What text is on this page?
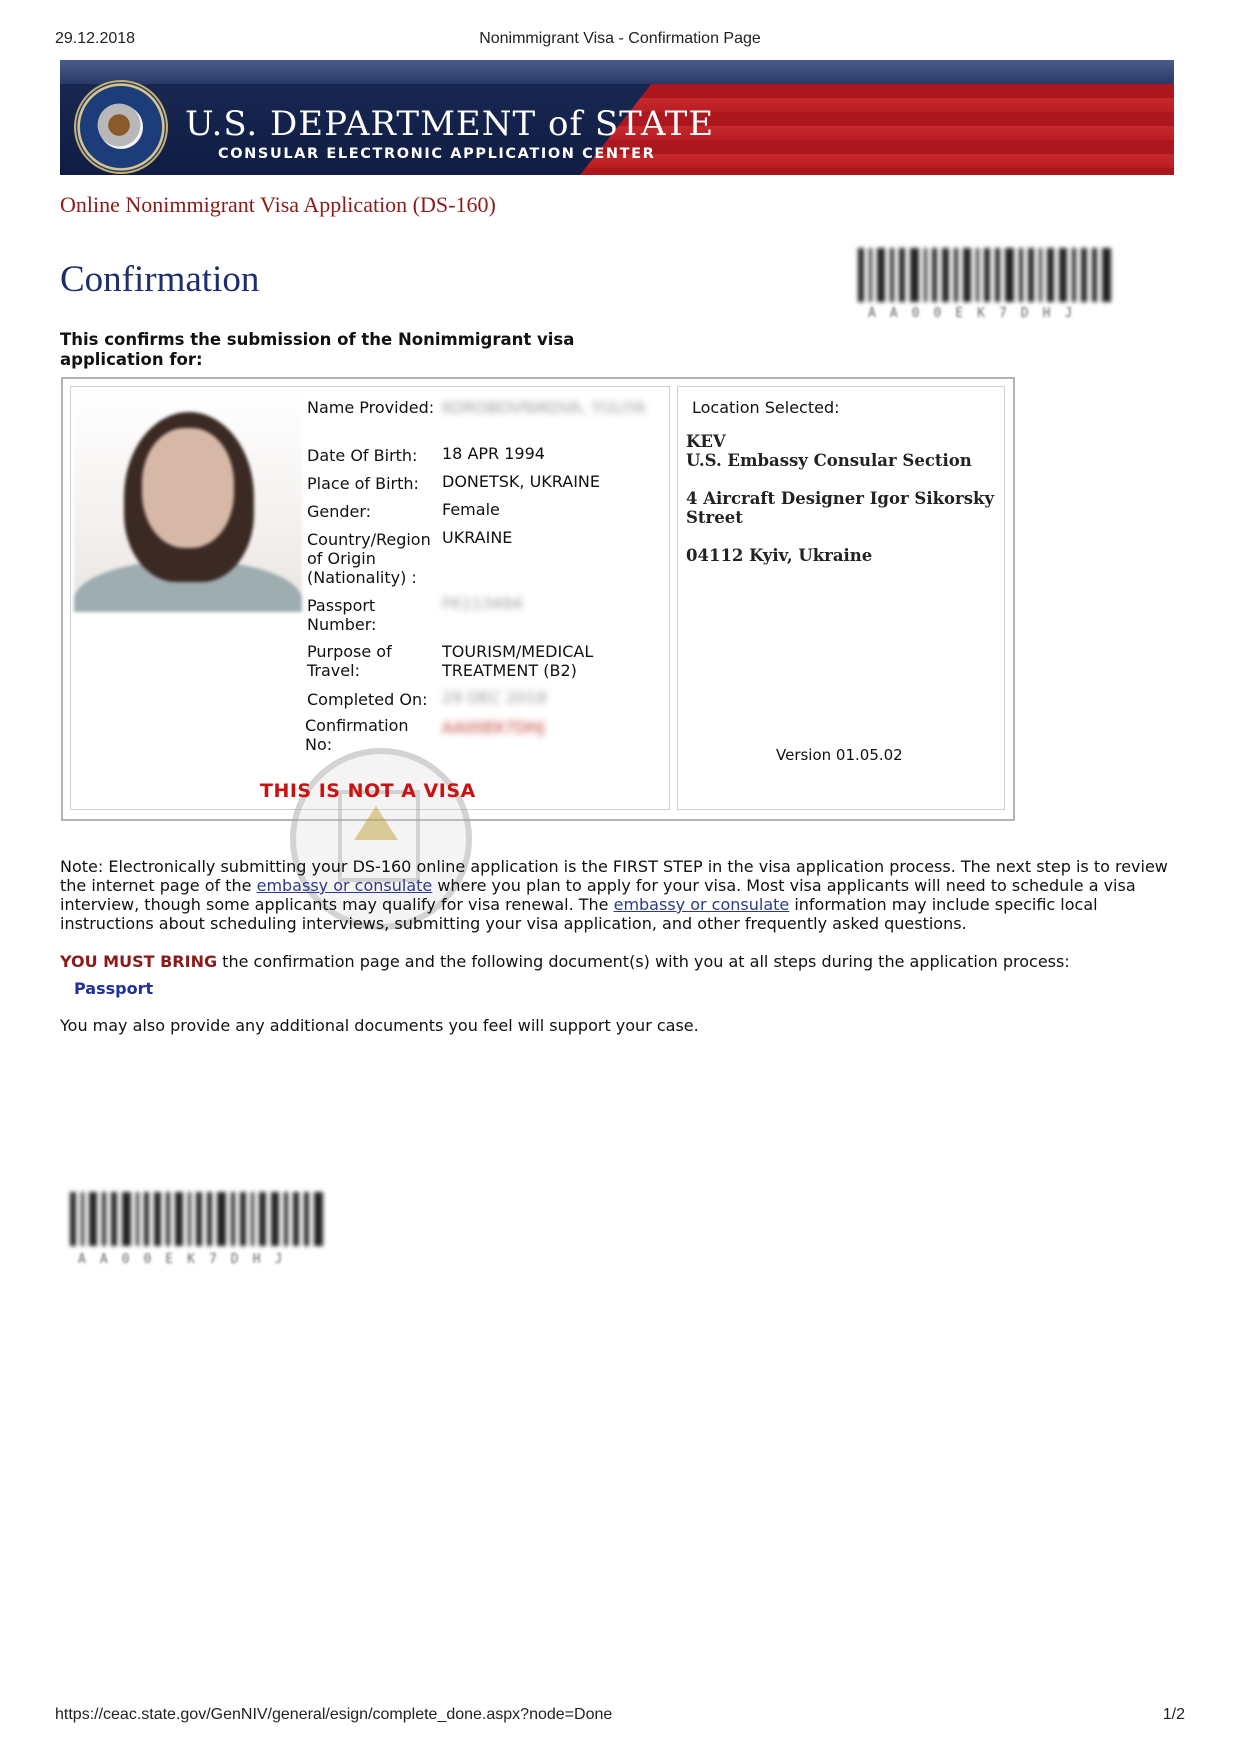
29.12.2018	Nonimmigrant Visa - Confirmation Page
U.S. DEPARTMENT of STATE
CONSULAR ELECTRONIC APPLICATION CENTER
Online Nonimmigrant Visa Application (DS-160)
Confirmation
AA00EK7DHJ
This confirms the submission of the Nonimmigrant visa application for:
Name Provided: KOROBOVNIKOVA, YULIYA
Date Of Birth:	18 APR 1994
Place of Birth:	DONETSK, UKRAINE
Gender:	Female
Country/Region of Origin (Nationality) :
UKRAINE
Passport Number:
FK113494
Purpose of Travel:
TOURISM/MEDICAL TREATMENT (B2)
Completed On: 29 DEC 2018
Confirmation No:
AA00EK7DHJ
THIS IS NOT A VISA
Location Selected:
KEV
U.S. Embassy Consular Section
4 Aircraft Designer Igor Sikorsky Street
04112 Kyiv, Ukraine
Version 01.05.02
Note: Electronically submitting your DS-160 online application is the FIRST STEP in the visa application process. The next step is to review the internet page of the embassy or consulate where you plan to apply for your visa. Most visa applicants will need to schedule a visa interview, though some applicants may qualify for visa renewal. The embassy or consulate information may include specific local instructions about scheduling interviews, submitting your visa application, and other frequently asked questions.
YOU MUST BRING the confirmation page and the following document(s) with you at all steps during the application process:
Passport
You may also provide any additional documents you feel will support your case.
AA00EK7DHJ
https://ceac.state.gov/GenNIV/general/esign/complete_done.aspx?node=Done	1/2
